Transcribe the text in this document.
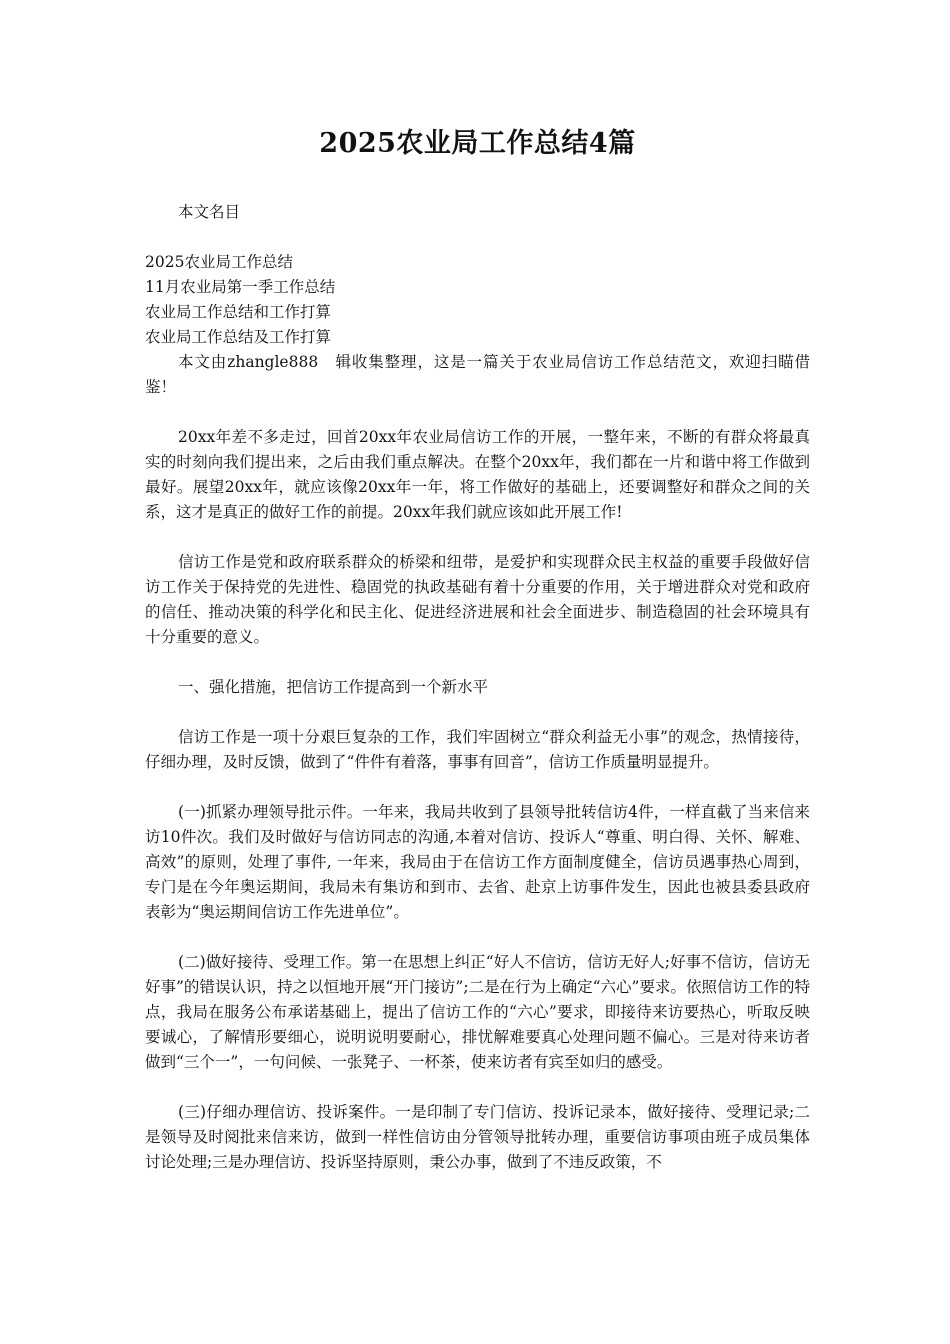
2025农业局工作总结4篇

本文名目

2025农业局工作总结
11月农业局第一季工作总结
农业局工作总结和工作打算
农业局工作总结及工作打算

本文由zhangle888　辑收集整理，这是一篇关于农业局信访工作总结范文，欢迎扫瞄借鉴！

20xx年差不多走过，回首20xx年农业局信访工作的开展，一整年来，不断的有群众将最真实的时刻向我们提出来，之后由我们重点解决。在整个20xx年，我们都在一片和谐中将工作做到最好。展望20xx年，就应该像20xx年一年，将工作做好的基础上，还要调整好和群众之间的关系，这才是真正的做好工作的前提。20xx年我们就应该如此开展工作!

信访工作是党和政府联系群众的桥梁和纽带，是爱护和实现群众民主权益的重要手段做好信访工作关于保持党的先进性、稳固党的执政基础有着十分重要的作用，关于增进群众对党和政府的信任、推动决策的科学化和民主化、促进经济进展和社会全面进步、制造稳固的社会环境具有十分重要的意义。

一、强化措施，把信访工作提高到一个新水平

信访工作是一项十分艰巨复杂的工作，我们牢固树立“群众利益无小事”的观念，热情接待，仔细办理，及时反馈，做到了“件件有着落，事事有回音”，信访工作质量明显提升。

(一)抓紧办理领导批示件。一年来，我局共收到了县领导批转信访4件，一样直截了当来信来访10件次。我们及时做好与信访同志的沟通,本着对信访、投诉人“尊重、明白得、关怀、解难、高效”的原则，处理了事件, 一年来，我局由于在信访工作方面制度健全，信访员遇事热心周到，专门是在今年奥运期间，我局未有集访和到市、去省、赴京上访事件发生，因此也被县委县政府表彰为“奥运期间信访工作先进单位”。

(二)做好接待、受理工作。第一在思想上纠正“好人不信访，信访无好人;好事不信访，信访无好事”的错误认识，持之以恒地开展“开门接访”;二是在行为上确定“六心”要求。依照信访工作的特点，我局在服务公布承诺基础上，提出了信访工作的“六心”要求，即接待来访要热心，听取反映要诚心，了解情形要细心，说明说明要耐心，排忧解难要真心处理问题不偏心。三是对待来访者做到“三个一”，一句问候、一张凳子、一杯茶，使来访者有宾至如归的感受。

(三)仔细办理信访、投诉案件。一是印制了专门信访、投诉记录本，做好接待、受理记录;二是领导及时阅批来信来访，做到一样性信访由分管领导批转办理，重要信访事项由班子成员集体讨论处理;三是办理信访、投诉坚持原则，秉公办事，做到了不违反政策，不
